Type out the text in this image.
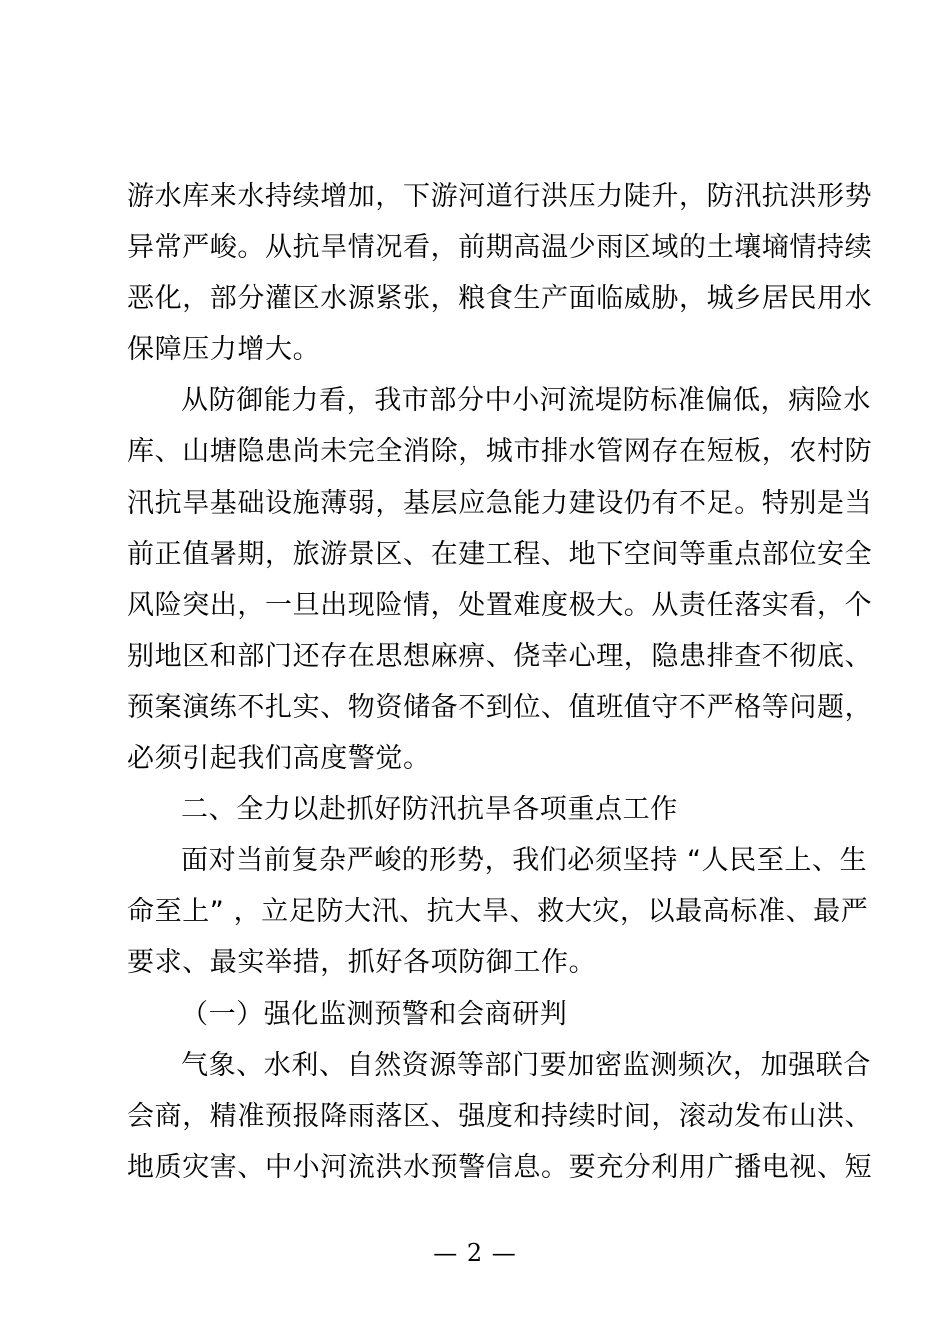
游水库来水持续增加，下游河道行洪压力陡升，防汛抗洪形势
异常严峻。从抗旱情况看，前期高温少雨区域的土壤墒情持续
恶化，部分灌区水源紧张，粮食生产面临威胁，城乡居民用水
保障压力增大。
从防御能力看，我市部分中小河流堤防标准偏低，病险水
库、山塘隐患尚未完全消除，城市排水管网存在短板，农村防
汛抗旱基础设施薄弱，基层应急能力建设仍有不足。特别是当
前正值暑期，旅游景区、在建工程、地下空间等重点部位安全
风险突出，一旦出现险情，处置难度极大。从责任落实看，个
别地区和部门还存在思想麻痹、侥幸心理，隐患排查不彻底、
预案演练不扎实、物资储备不到位、值班值守不严格等问题，
必须引起我们高度警觉。
二、全力以赴抓好防汛抗旱各项重点工作
面对当前复杂严峻的形势，我们必须坚持 “人民至上、生
命至上” ，立足防大汛、抗大旱、救大灾，以最高标准、最严
要求、最实举措，抓好各项防御工作。
（一）强化监测预警和会商研判
气象、水利、自然资源等部门要加密监测频次，加强联合
会商，精准预报降雨落区、强度和持续时间，滚动发布山洪、
地质灾害、中小河流洪水预警信息。要充分利用广播电视、短
— 2 —
